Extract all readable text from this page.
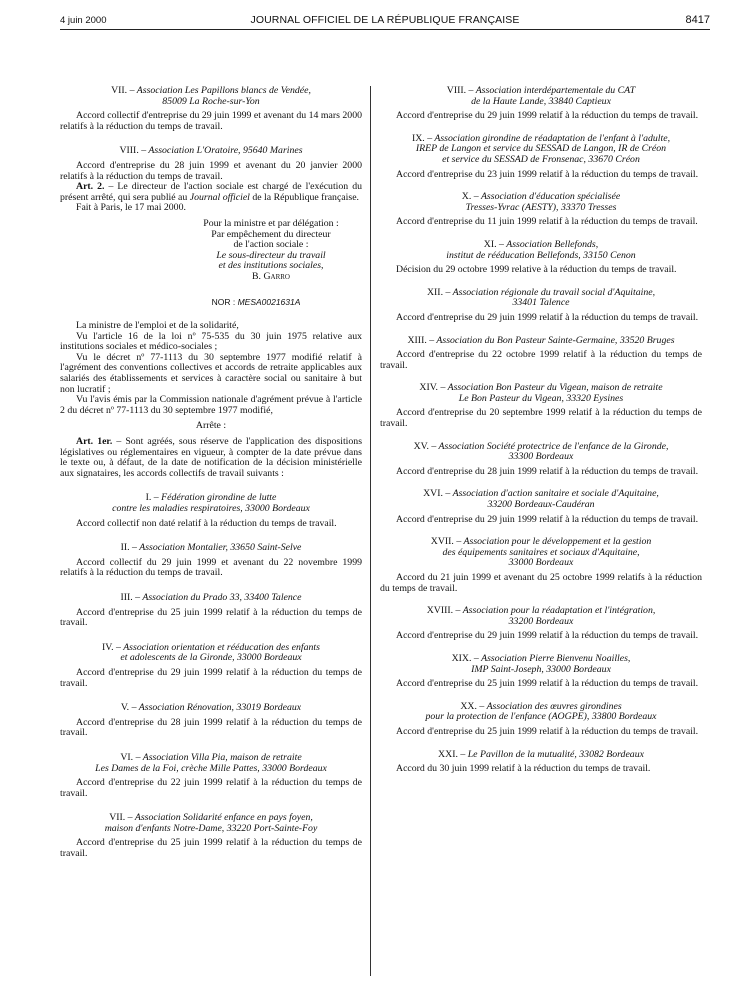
4 juin 2000	JOURNAL OFFICIEL DE LA RÉPUBLIQUE FRANÇAISE	8417

VII. – Association Les Papillons blancs de Vendée,
85009 La Roche-sur-Yon

Accord collectif d'entreprise du 29 juin 1999 et avenant du 14 mars 2000 relatifs à la réduction du temps de travail.

VIII. – Association L'Oratoire, 95640 Marines

Accord d'entreprise du 28 juin 1999 et avenant du 20 janvier 2000 relatifs à la réduction du temps de travail.

Art. 2. – Le directeur de l'action sociale est chargé de l'exécution du présent arrêté, qui sera publié au Journal officiel de la République française.

Fait à Paris, le 17 mai 2000.

Pour la ministre et par délégation :
Par empêchement du directeur
de l'action sociale :
Le sous-directeur du travail
et des institutions sociales,
B. Garro

NOR : MESA0021631A

La ministre de l'emploi et de la solidarité,

Vu l'article 16 de la loi nº 75-535 du 30 juin 1975 relative aux institutions sociales et médico-sociales ;

Vu le décret nº 77-1113 du 30 septembre 1977 modifié relatif à l'agrément des conventions collectives et accords de retraite applicables aux salariés des établissements et services à caractère social ou sanitaire à but non lucratif ;

Vu l'avis émis par la Commission nationale d'agrément prévue à l'article 2 du décret nº 77-1113 du 30 septembre 1977 modifié,

Arrête :

Art. 1er. – Sont agréés, sous réserve de l'application des dispositions législatives ou réglementaires en vigueur, à compter de la date prévue dans le texte ou, à défaut, de la date de notification de la décision ministérielle aux signataires, les accords collectifs de travail suivants :

I. – Fédération girondine de lutte
contre les maladies respiratoires, 33000 Bordeaux

Accord collectif non daté relatif à la réduction du temps de travail.

II. – Association Montalier, 33650 Saint-Selve

Accord collectif du 29 juin 1999 et avenant du 22 novembre 1999 relatifs à la réduction du temps de travail.

III. – Association du Prado 33, 33400 Talence

Accord d'entreprise du 25 juin 1999 relatif à la réduction du temps de travail.

IV. – Association orientation et rééducation des enfants
et adolescents de la Gironde, 33000 Bordeaux

Accord d'entreprise du 29 juin 1999 relatif à la réduction du temps de travail.

V. – Association Rénovation, 33019 Bordeaux

Accord d'entreprise du 28 juin 1999 relatif à la réduction du temps de travail.

VI. – Association Villa Pia, maison de retraite
Les Dames de la Foi, crèche Mille Pattes, 33000 Bordeaux

Accord d'entreprise du 22 juin 1999 relatif à la réduction du temps de travail.

VII. – Association Solidarité enfance en pays foyen,
maison d'enfants Notre-Dame, 33220 Port-Sainte-Foy

Accord d'entreprise du 25 juin 1999 relatif à la réduction du temps de travail.

VIII. – Association interdépartementale du CAT
de la Haute Lande, 33840 Captieux

Accord d'entreprise du 29 juin 1999 relatif à la réduction du temps de travail.

IX. – Association girondine de réadaptation de l'enfant à l'adulte,
IREP de Langon et service du SESSAD de Langon, IR de Créon
et service du SESSAD de Fronsenac, 33670 Créon

Accord d'entreprise du 23 juin 1999 relatif à la réduction du temps de travail.

X. – Association d'éducation spécialisée
Tresses-Yvrac (AESTY), 33370 Tresses

Accord d'entreprise du 11 juin 1999 relatif à la réduction du temps de travail.

XI. – Association Bellefonds,
institut de rééducation Bellefonds, 33150 Cenon

Décision du 29 octobre 1999 relative à la réduction du temps de travail.

XII. – Association régionale du travail social d'Aquitaine,
33401 Talence

Accord d'entreprise du 29 juin 1999 relatif à la réduction du temps de travail.

XIII. – Association du Bon Pasteur Sainte-Germaine, 33520 Bruges

Accord d'entreprise du 22 octobre 1999 relatif à la réduction du temps de travail.

XIV. – Association Bon Pasteur du Vigean, maison de retraite
Le Bon Pasteur du Vigean, 33320 Eysines

Accord d'entreprise du 20 septembre 1999 relatif à la réduction du temps de travail.

XV. – Association Société protectrice de l'enfance de la Gironde,
33300 Bordeaux

Accord d'entreprise du 28 juin 1999 relatif à la réduction du temps de travail.

XVI. – Association d'action sanitaire et sociale d'Aquitaine,
33200 Bordeaux-Caudéran

Accord d'entreprise du 29 juin 1999 relatif à la réduction du temps de travail.

XVII. – Association pour le développement et la gestion
des équipements sanitaires et sociaux d'Aquitaine,
33000 Bordeaux

Accord du 21 juin 1999 et avenant du 25 octobre 1999 relatifs à la réduction du temps de travail.

XVIII. – Association pour la réadaptation et l'intégration,
33200 Bordeaux

Accord d'entreprise du 29 juin 1999 relatif à la réduction du temps de travail.

XIX. – Association Pierre Bienvenu Noailles,
IMP Saint-Joseph, 33000 Bordeaux

Accord d'entreprise du 25 juin 1999 relatif à la réduction du temps de travail.

XX. – Association des œuvres girondines
pour la protection de l'enfance (AOGPE), 33800 Bordeaux

Accord d'entreprise du 25 juin 1999 relatif à la réduction du temps de travail.

XXI. – Le Pavillon de la mutualité, 33082 Bordeaux

Accord du 30 juin 1999 relatif à la réduction du temps de travail.
